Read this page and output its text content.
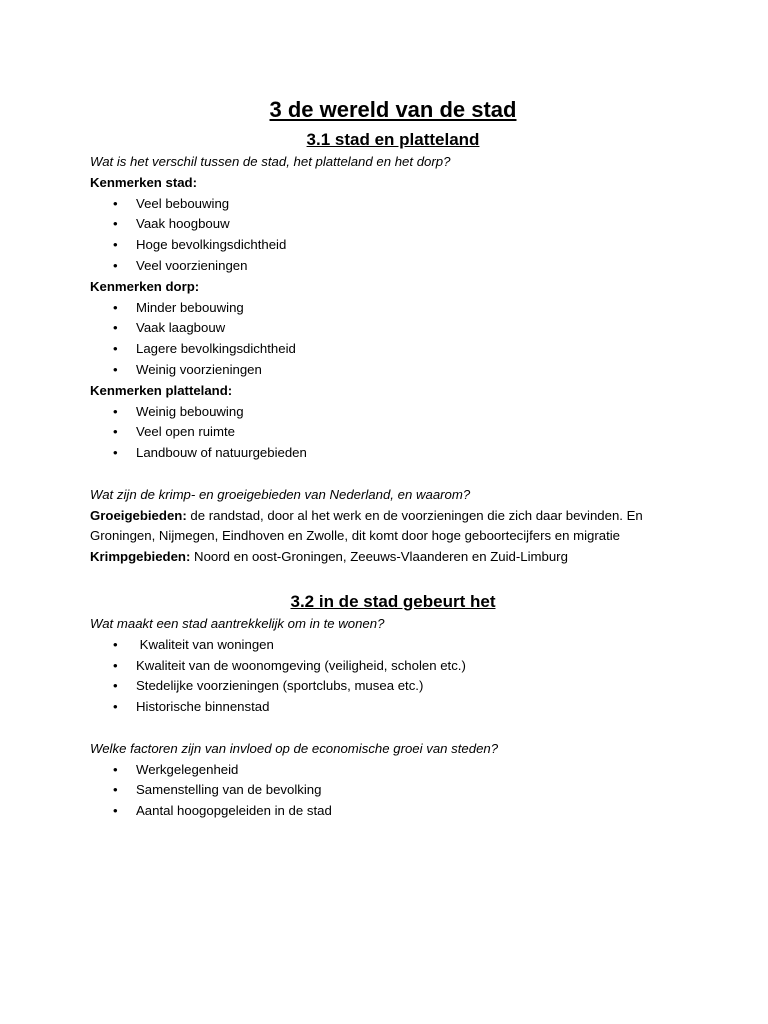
3 de wereld van de stad
3.1 stad en platteland

Wat is het verschil tussen de stad, het platteland en het dorp?

Kenmerken stad:

• Veel bebouwing
• Vaak hoogbouw
• Hoge bevolkingsdichtheid
• Veel voorzieningen

Kenmerken dorp:

• Minder bebouwing
• Vaak laagbouw
• Lagere bevolkingsdichtheid
• Weinig voorzieningen

Kenmerken platteland:

• Weinig bebouwing
• Veel open ruimte
• Landbouw of natuurgebieden

Wat zijn de krimp- en groeigebieden van Nederland, en waarom?

Groeigebieden: de randstad, door al het werk en de voorzieningen die zich daar bevinden. En
Groningen, Nijmegen, Eindhoven en Zwolle, dit komt door hoge geboortecijfers en migratie

Krimpgebieden: Noord en oost-Groningen, Zeeuws-Vlaanderen en Zuid-Limburg

3.2 in de stad gebeurt het

Wat maakt een stad aantrekkelijk om in te wonen?

• Kwaliteit van woningen
• Kwaliteit van de woonomgeving (veiligheid, scholen etc.)
• Stedelijke voorzieningen (sportclubs, musea etc.)
• Historische binnenstad

Welke factoren zijn van invloed op de economische groei van steden?

• Werkgelegenheid
• Samenstelling van de bevolking
• Aantal hoogopgeleiden in de stad
